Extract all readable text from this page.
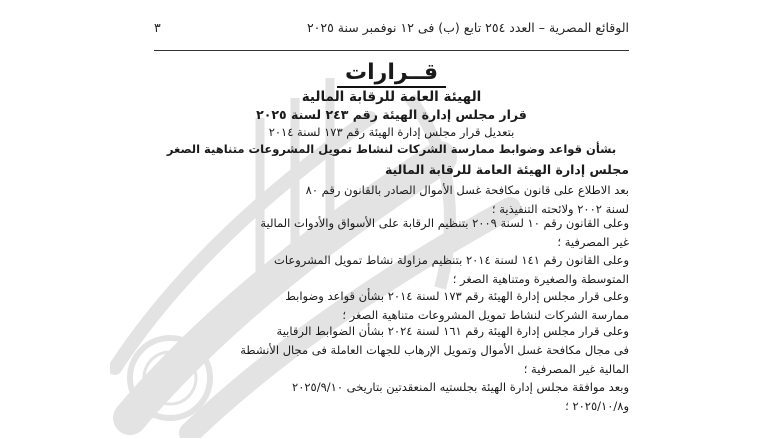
الوقائع المصرية – العدد ٢٥٤ تابع (ب) فى ١٢ نوفمبر سنة ٢٠٢٥
٣
قــرارات
الهيئة العامة للرقابة المالية
قرار مجلس إدارة الهيئة رقم ٢٤٣ لسنة ٢٠٢٥
بتعديل قرار مجلس إدارة الهيئة رقم ١٧٣ لسنة ٢٠١٤
بشأن قواعد وضوابط ممارسة الشركات لنشاط تمويل المشروعات متناهية الصغر
مجلس إدارة الهيئة العامة للرقابة المالية
بعد الاطلاع على قانون مكافحة غسل الأموال الصادر بالقانون رقم ٨٠
لسنة ٢٠٠٢ ولائحته التنفيذية ؛
وعلى القانون رقم ١٠ لسنة ٢٠٠٩ بتنظيم الرقابة على الأسواق والأدوات المالية
غير المصرفية ؛
وعلى القانون رقم ١٤١ لسنة ٢٠١٤ بتنظيم مزاولة نشاط تمويل المشروعات
المتوسطة والصغيرة ومتناهية الصغر ؛
وعلى قرار مجلس إدارة الهيئة رقم ١٧٣ لسنة ٢٠١٤ بشأن قواعد وضوابط
ممارسة الشركات لنشاط تمويل المشروعات متناهية الصغر ؛
وعلى قرار مجلس إدارة الهيئة رقم ١٦١ لسنة ٢٠٢٤ بشأن الضوابط الرقابية
فى مجال مكافحة غسل الأموال وتمويل الإرهاب للجهات العاملة فى مجال الأنشطة
المالية غير المصرفية ؛
وبعد موافقة مجلس إدارة الهيئة بجلستيه المنعقدتين بتاريخى ٢٠٢٥/٩/١٠
و٢٠٢٥/١٠/٨ ؛
